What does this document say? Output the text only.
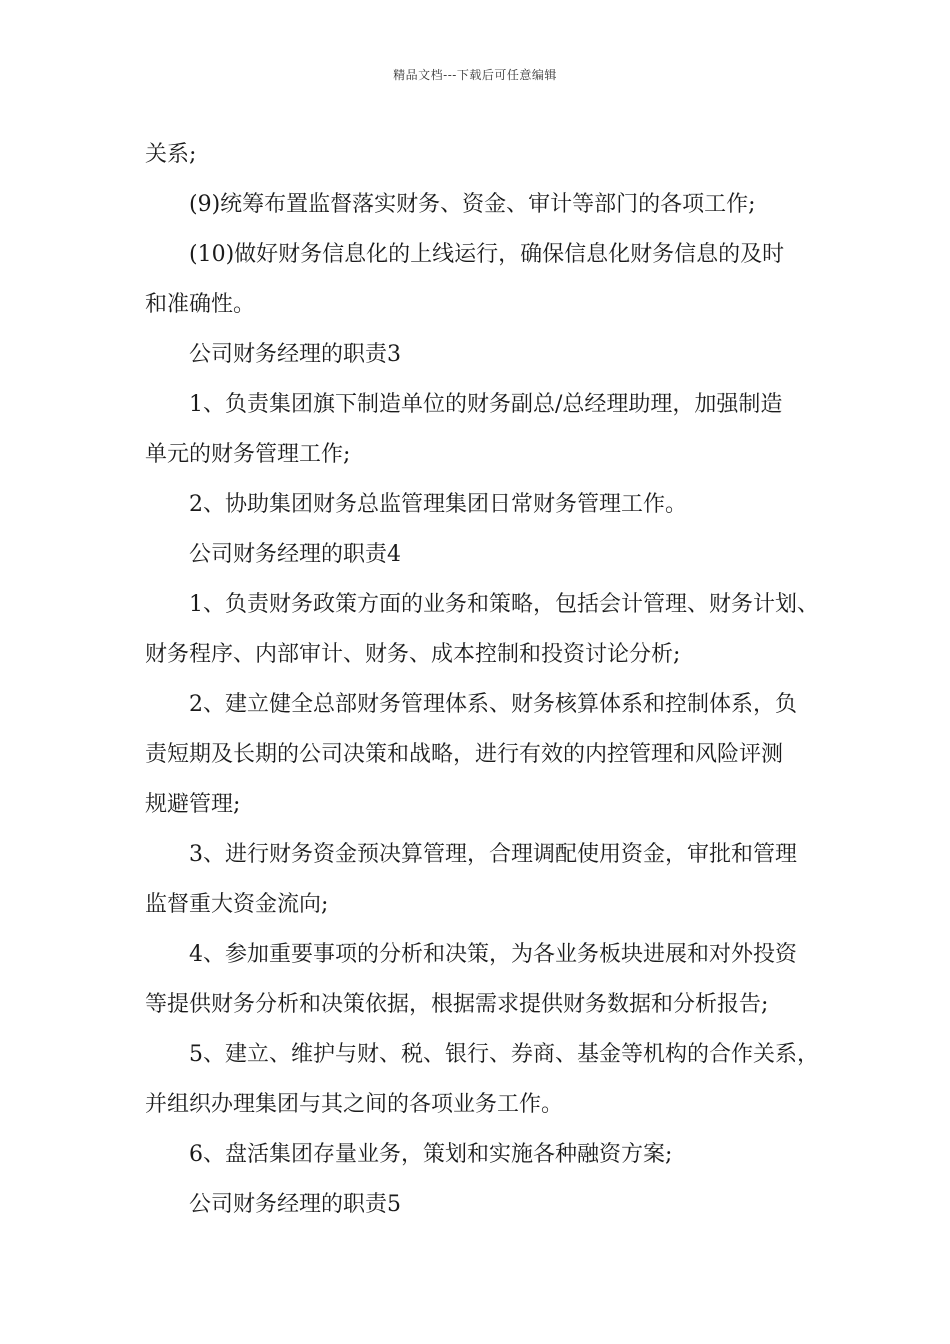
精品文档---下载后可任意编辑
关系;
(9)统筹布置监督落实财务、资金、审计等部门的各项工作;
(10)做好财务信息化的上线运行，确保信息化财务信息的及时
和准确性。
公司财务经理的职责3
1、负责集团旗下制造单位的财务副总/总经理助理，加强制造
单元的财务管理工作;
2、协助集团财务总监管理集团日常财务管理工作。
公司财务经理的职责4
1、负责财务政策方面的业务和策略，包括会计管理、财务计划、
财务程序、内部审计、财务、成本控制和投资讨论分析;
2、建立健全总部财务管理体系、财务核算体系和控制体系，负
责短期及长期的公司决策和战略，进行有效的内控管理和风险评测
规避管理;
3、进行财务资金预决算管理，合理调配使用资金，审批和管理
监督重大资金流向;
4、参加重要事项的分析和决策，为各业务板块进展和对外投资
等提供财务分析和决策依据，根据需求提供财务数据和分析报告;
5、建立、维护与财、税、银行、券商、基金等机构的合作关系，
并组织办理集团与其之间的各项业务工作。
6、盘活集团存量业务，策划和实施各种融资方案;
公司财务经理的职责5
